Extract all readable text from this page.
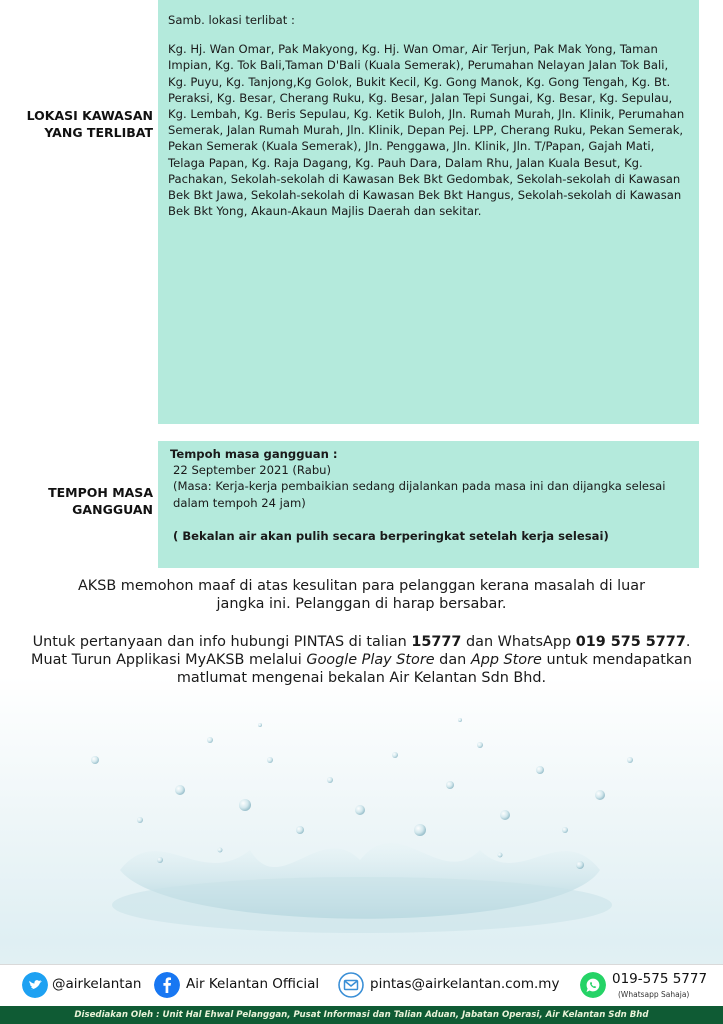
LOKASI KAWASAN
YANG TERLIBAT

Samb. lokasi terlibat :

Kg. Hj. Wan Omar, Pak Makyong, Kg. Hj. Wan Omar, Air Terjun, Pak Mak Yong, Taman Impian, Kg. Tok Bali,Taman D'Bali (Kuala Semerak), Perumahan Nelayan Jalan Tok Bali, Kg. Puyu, Kg. Tanjong,Kg Golok, Bukit Kecil, Kg. Gong Manok, Kg. Gong Tengah, Kg. Bt. Peraksi, Kg. Besar, Cherang Ruku, Kg. Besar, Jalan Tepi Sungai, Kg. Besar, Kg. Sepulau, Kg. Lembah, Kg. Beris Sepulau, Kg. Ketik Buloh, Jln. Rumah Murah, Jln. Klinik, Perumahan Semerak, Jalan Rumah Murah, Jln. Klinik, Depan Pej. LPP, Cherang Ruku, Pekan Semerak, Pekan Semerak (Kuala Semerak), Jln. Penggawa, Jln. Klinik, Jln. T/Papan, Gajah Mati, Telaga Papan, Kg. Raja Dagang, Kg. Pauh Dara, Dalam Rhu, Jalan Kuala Besut, Kg. Pachakan, Sekolah-sekolah di Kawasan Bek Bkt Gedombak, Sekolah-sekolah di Kawasan Bek Bkt Jawa, Sekolah-sekolah di Kawasan Bek Bkt Hangus, Sekolah-sekolah di Kawasan Bek Bkt Yong, Akaun-Akaun Majlis Daerah dan sekitar.

TEMPOH MASA
GANGGUAN

Tempoh masa gangguan :

22 September 2021 (Rabu)

(Masa: Kerja-kerja pembaikian sedang dijalankan pada masa ini dan dijangka selesai dalam tempoh 24 jam)

( Bekalan air akan pulih secara berperingkat setelah kerja selesai)

AKSB memohon maaf di atas kesulitan para pelanggan kerana masalah di luar
jangka ini. Pelanggan di harap bersabar.
Untuk pertanyaan dan info hubungi PINTAS di talian 15777 dan WhatsApp 019 575 5777. Muat Turun Applikasi MyAKSB melalui Google Play Store dan App Store untuk mendapatkan matlumat mengenai bekalan Air Kelantan Sdn Bhd.
@airkelantan	Air Kelantan Official	pintas@airkelantan.com.my	019-575 5777
(Whatsapp Sahaja)
Disediakan Oleh : Unit Hal Ehwal Pelanggan, Pusat Informasi dan Talian Aduan, Jabatan Operasi, Air Kelantan Sdn Bhd
